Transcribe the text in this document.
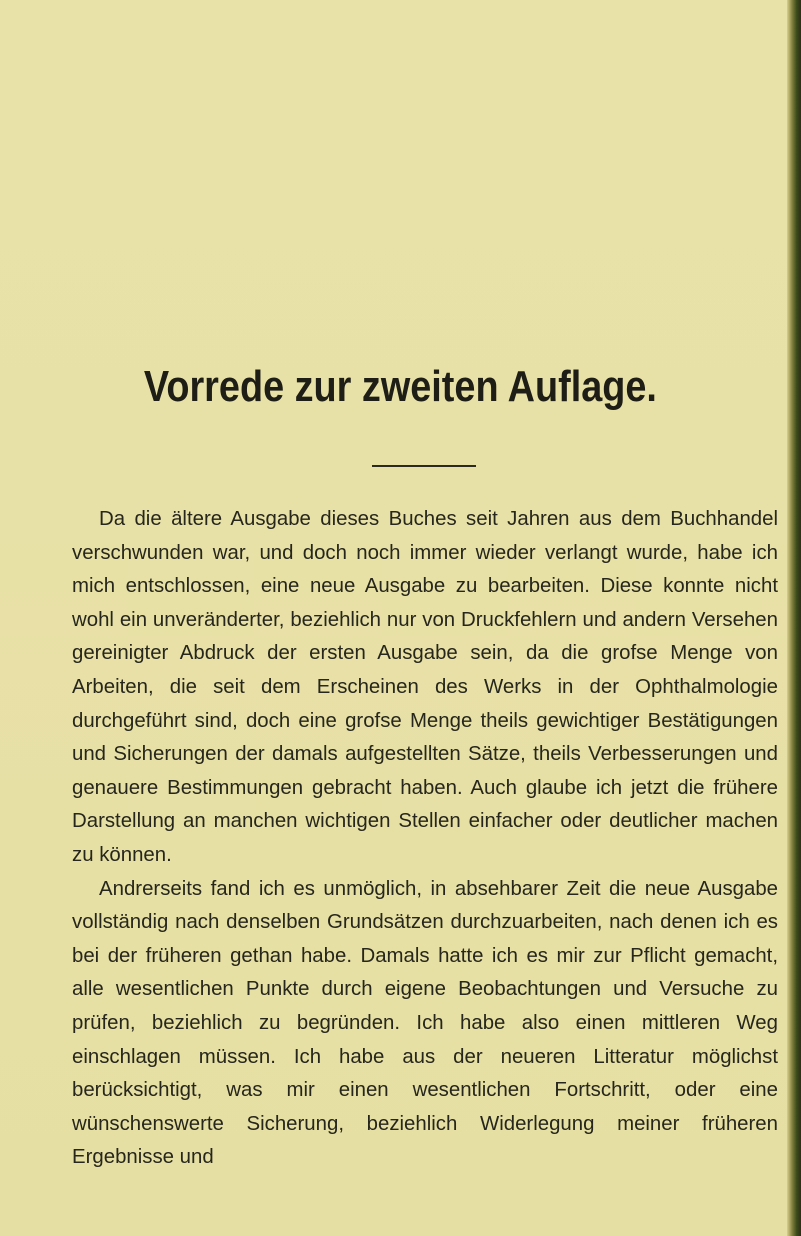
Vorrede zur zweiten Auflage.

Da die ältere Ausgabe dieses Buches seit Jahren aus dem Buchhandel verschwunden war, und doch noch immer wieder verlangt wurde, habe ich mich entschlossen, eine neue Ausgabe zu bearbeiten. Diese konnte nicht wohl ein unveränderter, beziehlich nur von Druckfehlern und andern Versehen gereinigter Abdruck der ersten Ausgabe sein, da die grofse Menge von Arbeiten, die seit dem Erscheinen des Werks in der Ophthalmologie durchgeführt sind, doch eine grofse Menge theils gewichtiger Bestätigungen und Sicherungen der damals aufgestellten Sätze, theils Verbesserungen und genauere Bestimmungen gebracht haben. Auch glaube ich jetzt die frühere Darstellung an manchen wichtigen Stellen einfacher oder deutlicher machen zu können.

Andrerseits fand ich es unmöglich, in absehbarer Zeit die neue Ausgabe vollständig nach denselben Grundsätzen durchzuarbeiten, nach denen ich es bei der früheren gethan habe. Damals hatte ich es mir zur Pflicht gemacht, alle wesentlichen Punkte durch eigene Beobachtungen und Versuche zu prüfen, beziehlich zu begründen. Ich habe also einen mittleren Weg einschlagen müssen. Ich habe aus der neueren Litteratur möglichst berücksichtigt, was mir einen wesentlichen Fortschritt, oder eine wünschenswerte Sicherung, beziehlich Widerlegung meiner früheren Ergebnisse und
